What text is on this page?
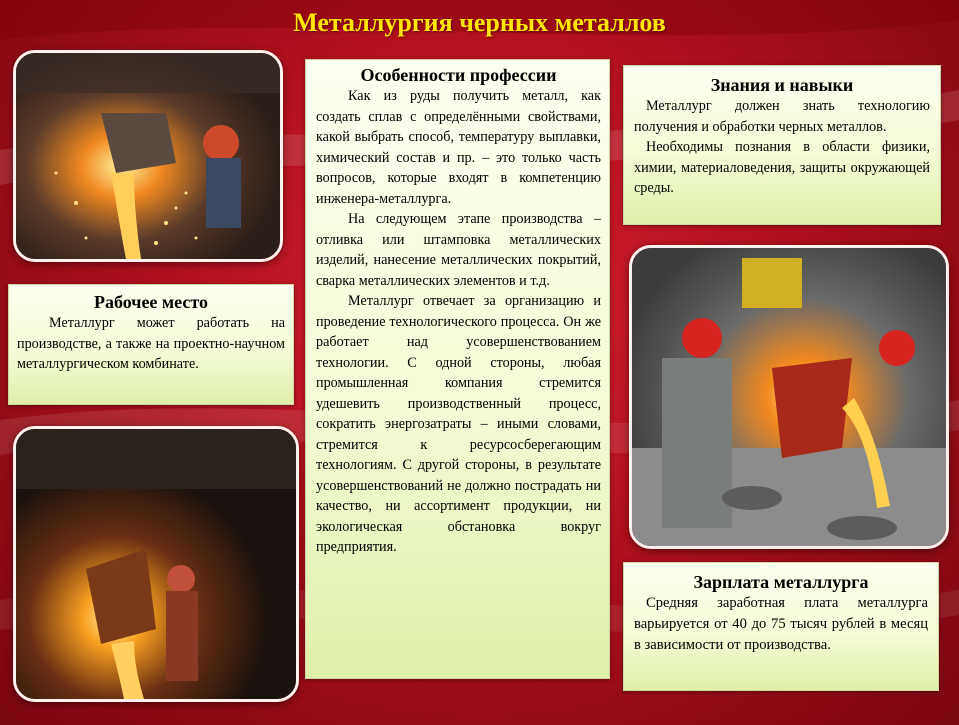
Металлургия черных металлов
Рабочее место

Металлург может работать на производстве, а также на проектно-научном металлургическом комбинате.

Особенности профессии

Как из руды получить металл, как создать сплав с определёнными свойствами, какой выбрать способ, температуру выплавки, химический состав и пр. – это только часть вопросов, которые входят в компетенцию инженера-металлурга.

На следующем этапе производства – отливка или штамповка металлических изделий, нанесение металлических покрытий, сварка металлических элементов и т.д.

Металлург отвечает за организацию и проведение технологического процесса. Он же работает над усовершенствованием технологии. С одной стороны, любая промышленная компания стремится удешевить производственный процесс, сократить энергозатраты – иными словами, стремится к ресурсосберегающим технологиям. С другой стороны, в результате усовершенствований не должно пострадать ни качество, ни ассортимент продукции, ни экологическая обстановка вокруг предприятия.

Знания и навыки

Металлург должен знать технологию получения и обработки черных металлов.

Необходимы познания в области физики, химии, материаловедения, защиты окружающей среды.

Зарплата металлурга

Средняя заработная плата металлурга варьируется от 40 до 75 тысяч рублей в месяц в зависимости от производства.
